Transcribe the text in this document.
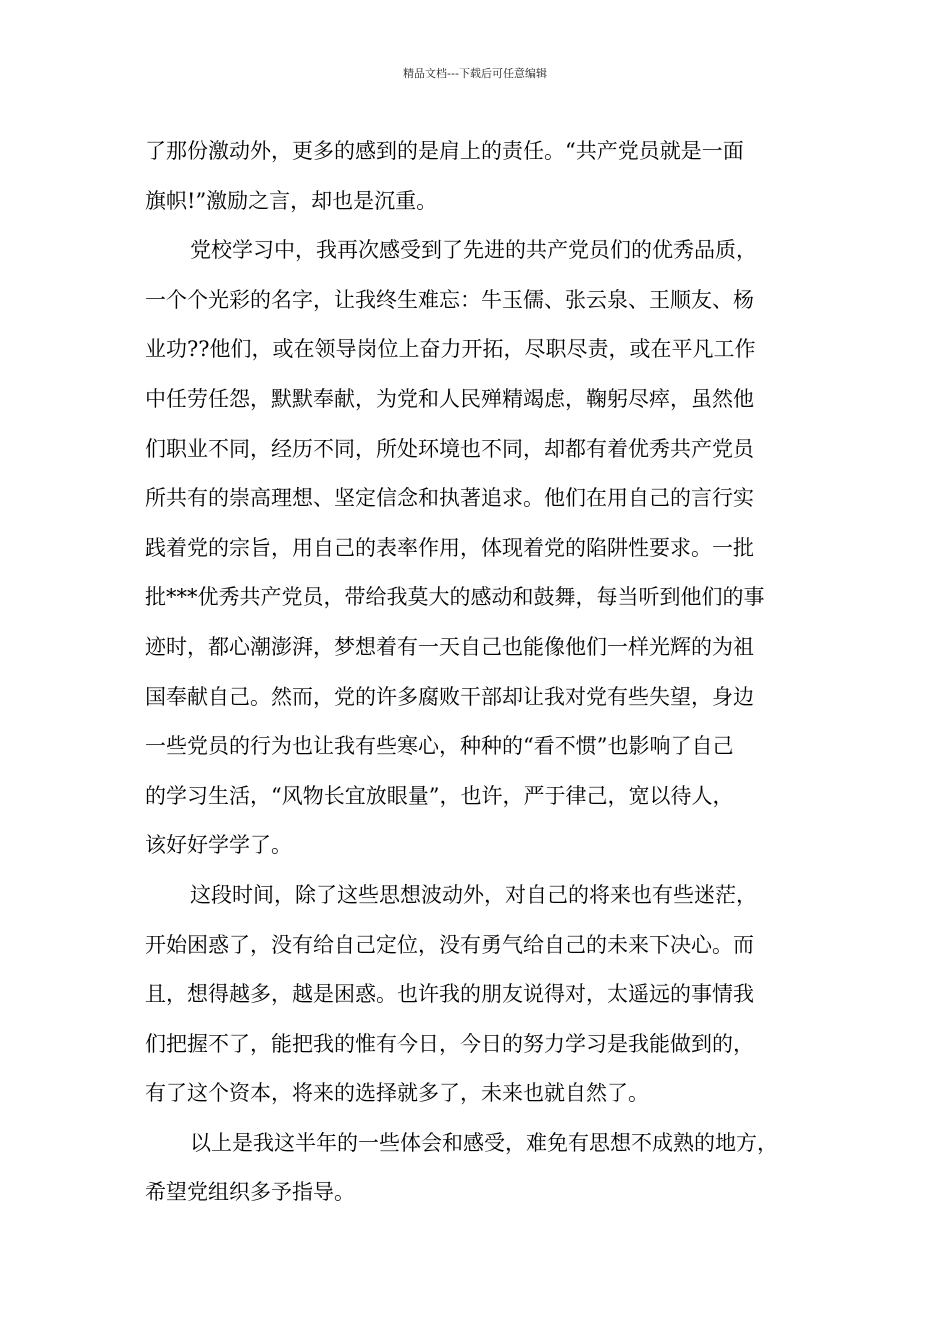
精品文档---下载后可任意编辑
了那份激动外，更多的感到的是肩上的责任。“共产党员就是一面
旗帜!”激励之言，却也是沉重。
党校学习中，我再次感受到了先进的共产党员们的优秀品质，
一个个光彩的名字，让我终生难忘：牛玉儒、张云泉、王顺友、杨
业功??他们，或在领导岗位上奋力开拓，尽职尽责，或在平凡工作
中任劳任怨，默默奉献，为党和人民殚精竭虑，鞠躬尽瘁，虽然他
们职业不同，经历不同，所处环境也不同，却都有着优秀共产党员
所共有的崇高理想、坚定信念和执著追求。他们在用自己的言行实
践着党的宗旨，用自己的表率作用，体现着党的陷阱性要求。一批
批***优秀共产党员，带给我莫大的感动和鼓舞，每当听到他们的事
迹时，都心潮澎湃，梦想着有一天自己也能像他们一样光辉的为祖
国奉献自己。然而，党的许多腐败干部却让我对党有些失望，身边
一些党员的行为也让我有些寒心，种种的“看不惯”也影响了自己
的学习生活，“风物长宜放眼量”，也许，严于律己，宽以待人，
该好好学学了。
这段时间，除了这些思想波动外，对自己的将来也有些迷茫，
开始困惑了，没有给自己定位，没有勇气给自己的未来下决心。而
且，想得越多，越是困惑。也许我的朋友说得对，太遥远的事情我
们把握不了，能把我的惟有今日，今日的努力学习是我能做到的，
有了这个资本，将来的选择就多了，未来也就自然了。
以上是我这半年的一些体会和感受，难免有思想不成熟的地方，
希望党组织多予指导。
